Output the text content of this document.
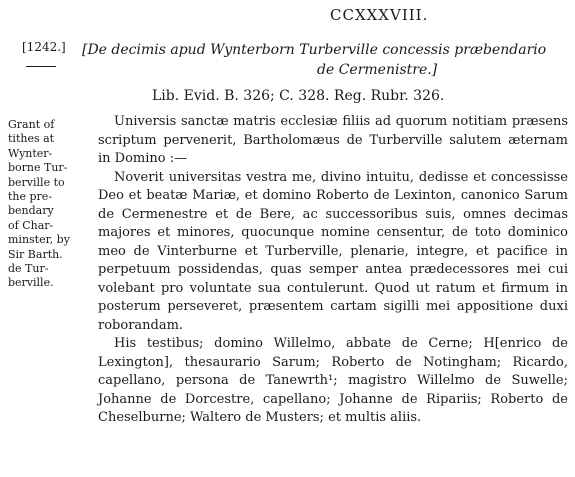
CCXXXVIII.
[1242.] [De decimis apud Wynterborn Turberville concessis præbendario
de Cermenistre.]
Lib. Evid. B. 326; C. 328. Reg. Rubr. 326.
Grant of
tithes at
Wynter-
borne Tur-
berville to
the pre-
bendary
of Char-
minster, by
Sir Barth.
de Tur-
berville.

Universis sanctæ matris ecclesiæ filiis ad quorum notitiam præsens scriptum pervenerit, Bartholomæus de Turberville salutem æternam in Domino :—

Noverit universitas vestra me, divino intuitu, dedisse et concessisse Deo et beatæ Mariæ, et domino Roberto de Lexinton, canonico Sarum de Cermenestre et de Bere, ac successoribus suis, omnes decimas majores et minores, quocunque nomine censentur, de toto dominico meo de Vinterburne et Turberville, plenarie, integre, et pacifice in perpetuum possidendas, quas semper antea prædecessores mei cui volebant pro voluntate sua contulerunt. Quod ut ratum et firmum in posterum perseveret, præsentem cartam sigilli mei appositione duxi roborandam.

His testibus; domino Willelmo, abbate de Cerne; H[enrico de Lexington], thesaurario Sarum; Roberto de Notingham; Ricardo, capellano, persona de Tanewrth¹; magistro Willelmo de Suwelle; Johanne de Dorcestre, capellano; Johanne de Ripariis; Roberto de Cheselburne; Waltero de Musters; et multis aliis.
